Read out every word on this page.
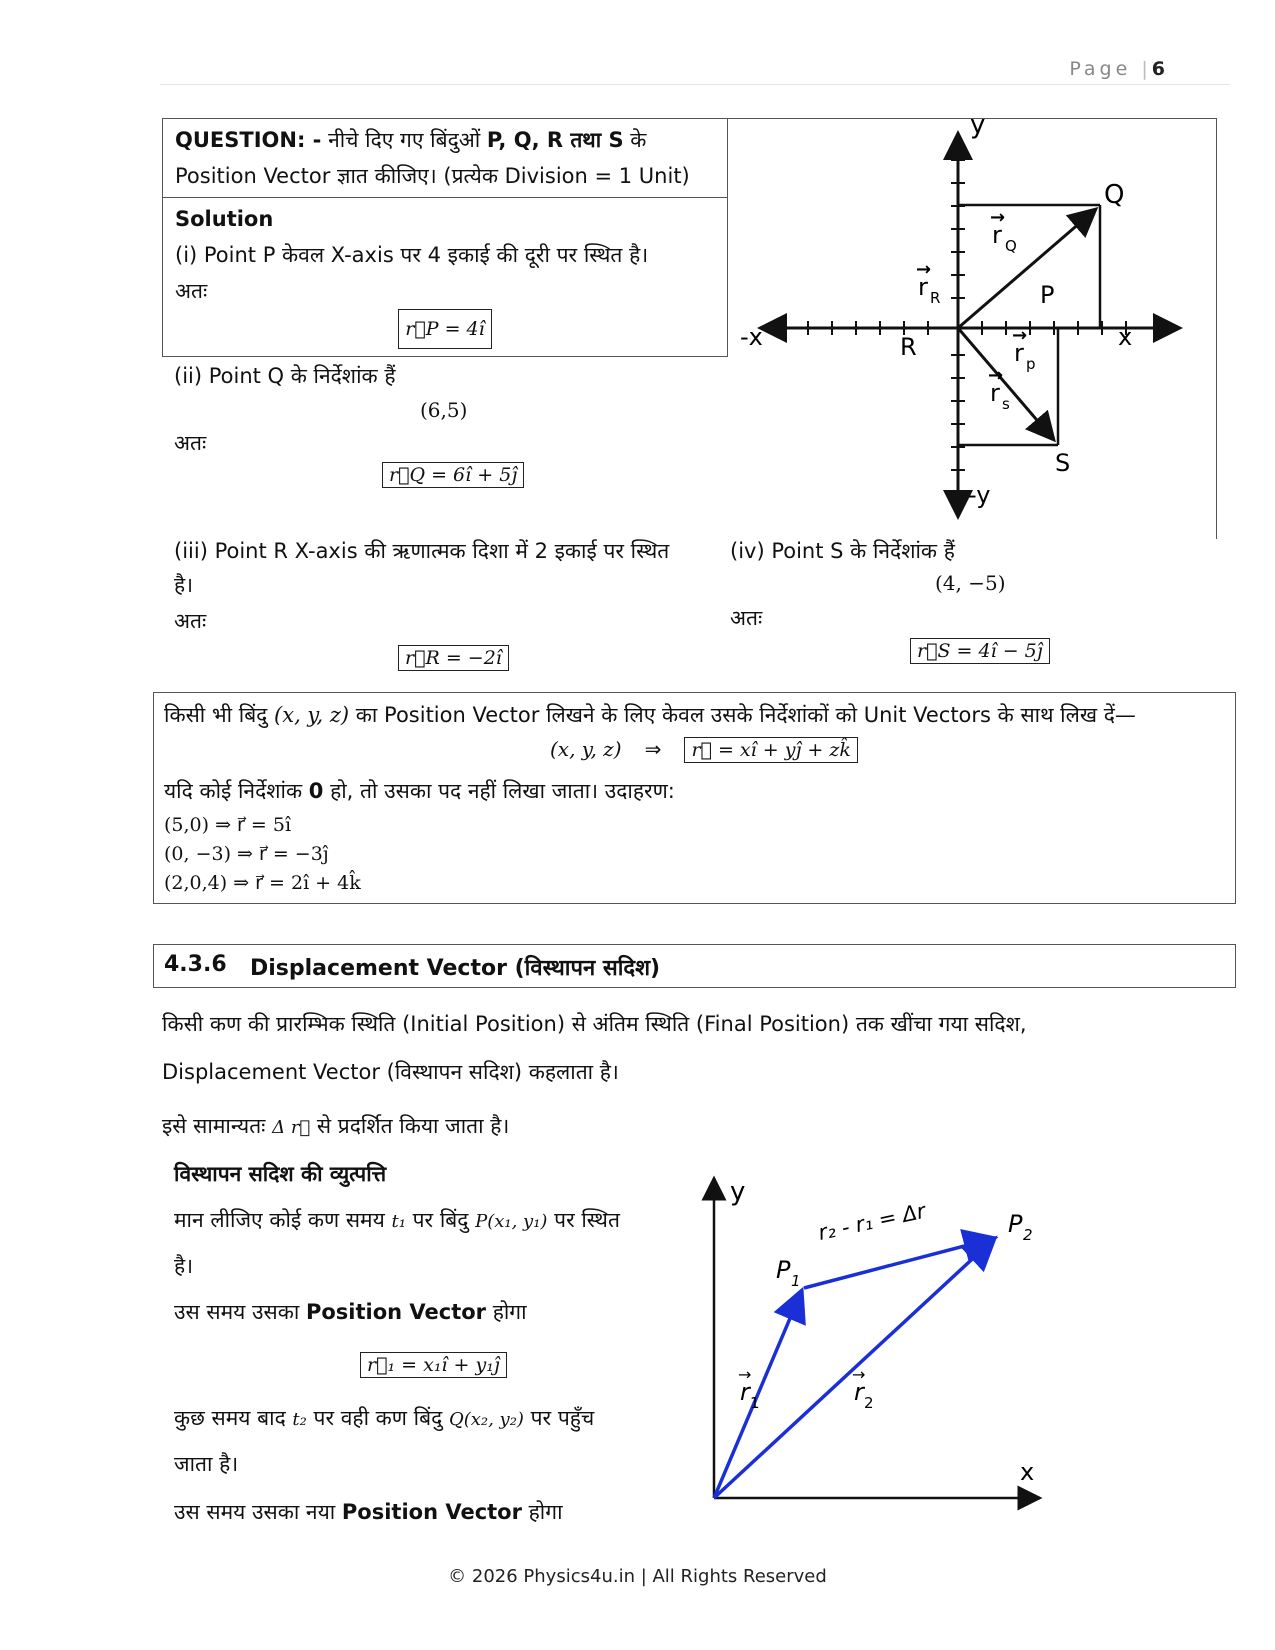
Page |6
QUESTION: - नीचे दिए गए बिंदुओं P, Q, R तथा S के
Position Vector ज्ञात कीजिए। (प्रत्येक Division = 1 Unit)
Solution
(i) Point P केवल X-axis पर 4 इकाई की दूरी पर स्थित है।
अतः
r⃗P = 4î
(ii) Point Q के निर्देशांक हैं
(6,5)
अतः
r⃗Q = 6î + 5ĵ
(iii) Point R X-axis की ऋणात्मक दिशा में 2 इकाई पर स्थित
है।
अतः
r⃗R = −2î
(iv) Point S के निर्देशांक हैं
(4, −5)
अतः
r⃗S = 4î − 5ĵ
y
-y
x
-x
Q
P
R
S
r Q
→
r R
→
r p
→
r s
→
किसी भी बिंदु (x, y, z) का Position Vector लिखने के लिए केवल उसके निर्देशांकों को Unit Vectors के साथ लिख दें—
(x, y, z) ⇒ r⃗ = xî + yĵ + zk̂
यदि कोई निर्देशांक 0 हो, तो उसका पद नहीं लिखा जाता। उदाहरण:
(5,0) ⇒ r⃗ = 5î
(0, −3) ⇒ r⃗ = −3ĵ
(2,0,4) ⇒ r⃗ = 2î + 4k̂
4.3.6 Displacement Vector (विस्थापन सदिश)
किसी कण की प्रारम्भिक स्थिति (Initial Position) से अंतिम स्थिति (Final Position) तक खींचा गया सदिश,
Displacement Vector (विस्थापन सदिश) कहलाता है।
इसे सामान्यतः Δ r⃗ से प्रदर्शित किया जाता है।
विस्थापन सदिश की व्युत्पत्ति
मान लीजिए कोई कण समय t₁ पर बिंदु P(x₁, y₁) पर स्थित
है।
उस समय उसका Position Vector होगा
r⃗₁ = x₁î + y₁ĵ
कुछ समय बाद t₂ पर वही कण बिंदु Q(x₂, y₂) पर पहुँच
जाता है।
उस समय उसका नया Position Vector होगा
y
x
P 1
P 2
r 1
→
r 2
→
r₂ - r₁ = Δr
© 2026 Physics4u.in | All Rights Reserved
